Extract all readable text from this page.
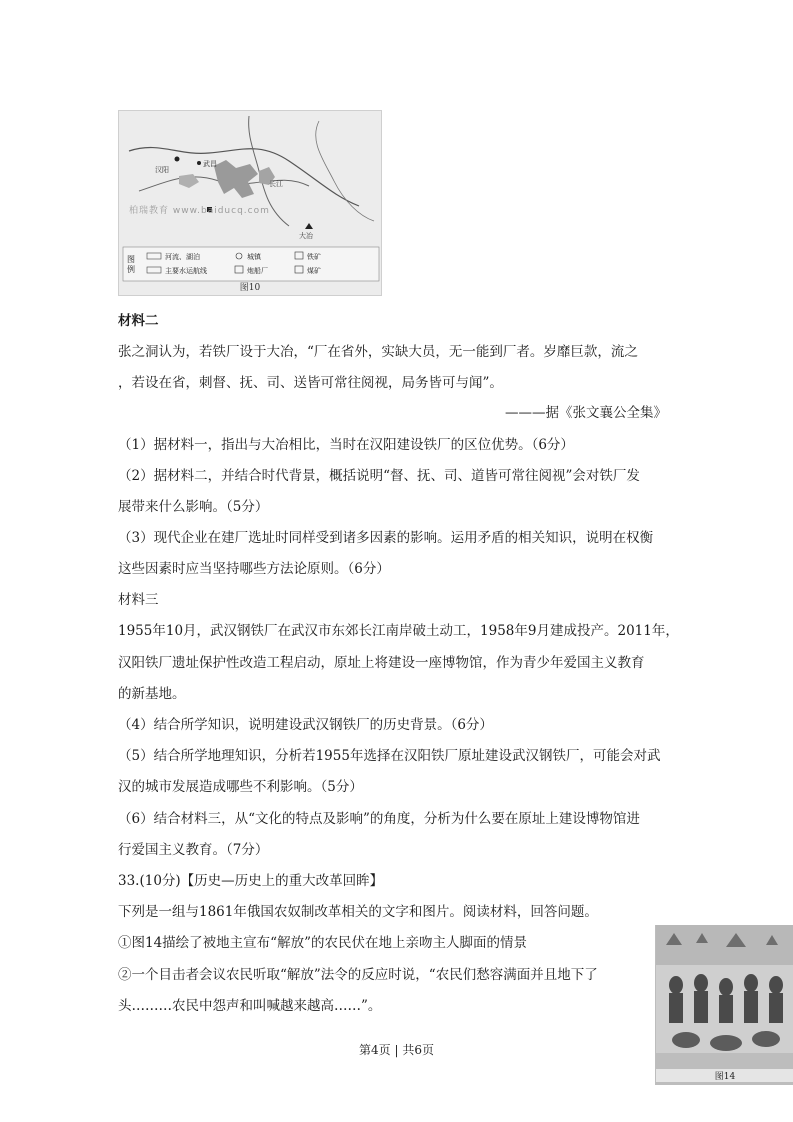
汉阳
武昌
大冶
长江
图例
河流、湖泊	城镇	铁矿
主要水运航线	炮船厂	煤矿
柏瑞教育 www.baiducq.com
图10
材料二
张之洞认为，若铁厂设于大冶，“厂在省外，实缺大员，无一能到厂者。岁靡巨款，流之
，若设在省，刺督、抚、司、送皆可常往阅视，局务皆可与闻”。
———据《张文襄公全集》
（1）据材料一，指出与大冶相比，当时在汉阳建设铁厂的区位优势。（6分）
（2）据材料二，并结合时代背景，概括说明“督、抚、司、道皆可常往阅视”会对铁厂发
展带来什么影响。（5分）
（3）现代企业在建厂选址时同样受到诸多因素的影响。运用矛盾的相关知识，说明在权衡
这些因素时应当坚持哪些方法论原则。（6分）
材料三
1955年10月，武汉钢铁厂在武汉市东郊长江南岸破土动工，1958年9月建成投产。2011年，
汉阳铁厂遗址保护性改造工程启动，原址上将建设一座博物馆，作为青少年爱国主义教育
的新基地。
（4）结合所学知识，说明建设武汉钢铁厂的历史背景。（6分）
（5）结合所学地理知识，分析若1955年选择在汉阳铁厂原址建设武汉钢铁厂，可能会对武
汉的城市发展造成哪些不利影响。（5分）
（6）结合材料三，从“文化的特点及影响”的角度，分析为什么要在原址上建设博物馆进
行爱国主义教育。（7分）
33.(10分)【历史—历史上的重大改革回眸】
下列是一组与1861年俄国农奴制改革相关的文字和图片。阅读材料，回答问题。
①图14描绘了被地主宣布“解放”的农民伏在地上亲吻主人脚面的情景
②一个目击者会议农民听取“解放”法令的反应时说，“农民们愁容满面并且地下了
头………农民中怨声和叫喊越来越高……”。
图14
第4页 | 共6页
